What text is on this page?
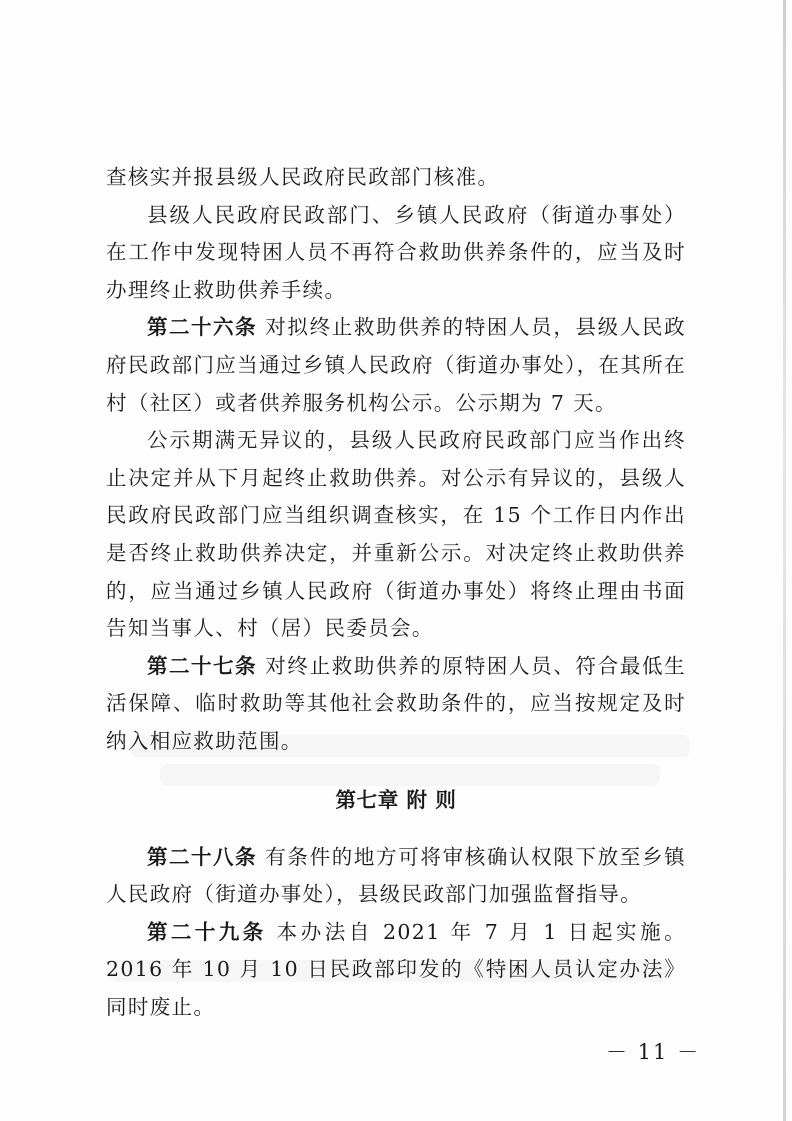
查核实并报县级人民政府民政部门核准。

县级人民政府民政部门、乡镇人民政府（街道办事处）在工作中发现特困人员不再符合救助供养条件的，应当及时办理终止救助供养手续。

第二十六条 对拟终止救助供养的特困人员，县级人民政府民政部门应当通过乡镇人民政府（街道办事处），在其所在村（社区）或者供养服务机构公示。公示期为 7 天。

公示期满无异议的，县级人民政府民政部门应当作出终止决定并从下月起终止救助供养。对公示有异议的，县级人民政府民政部门应当组织调查核实，在 15 个工作日内作出是否终止救助供养决定，并重新公示。对决定终止救助供养的，应当通过乡镇人民政府（街道办事处）将终止理由书面告知当事人、村（居）民委员会。

第二十七条 对终止救助供养的原特困人员、符合最低生活保障、临时救助等其他社会救助条件的，应当按规定及时纳入相应救助范围。

第七章 附 则

第二十八条 有条件的地方可将审核确认权限下放至乡镇人民政府（街道办事处），县级民政部门加强监督指导。

第二十九条 本办法自 2021 年 7 月 1 日起实施。2016 年 10 月 10 日民政部印发的《特困人员认定办法》同时废止。

－ 11 －
